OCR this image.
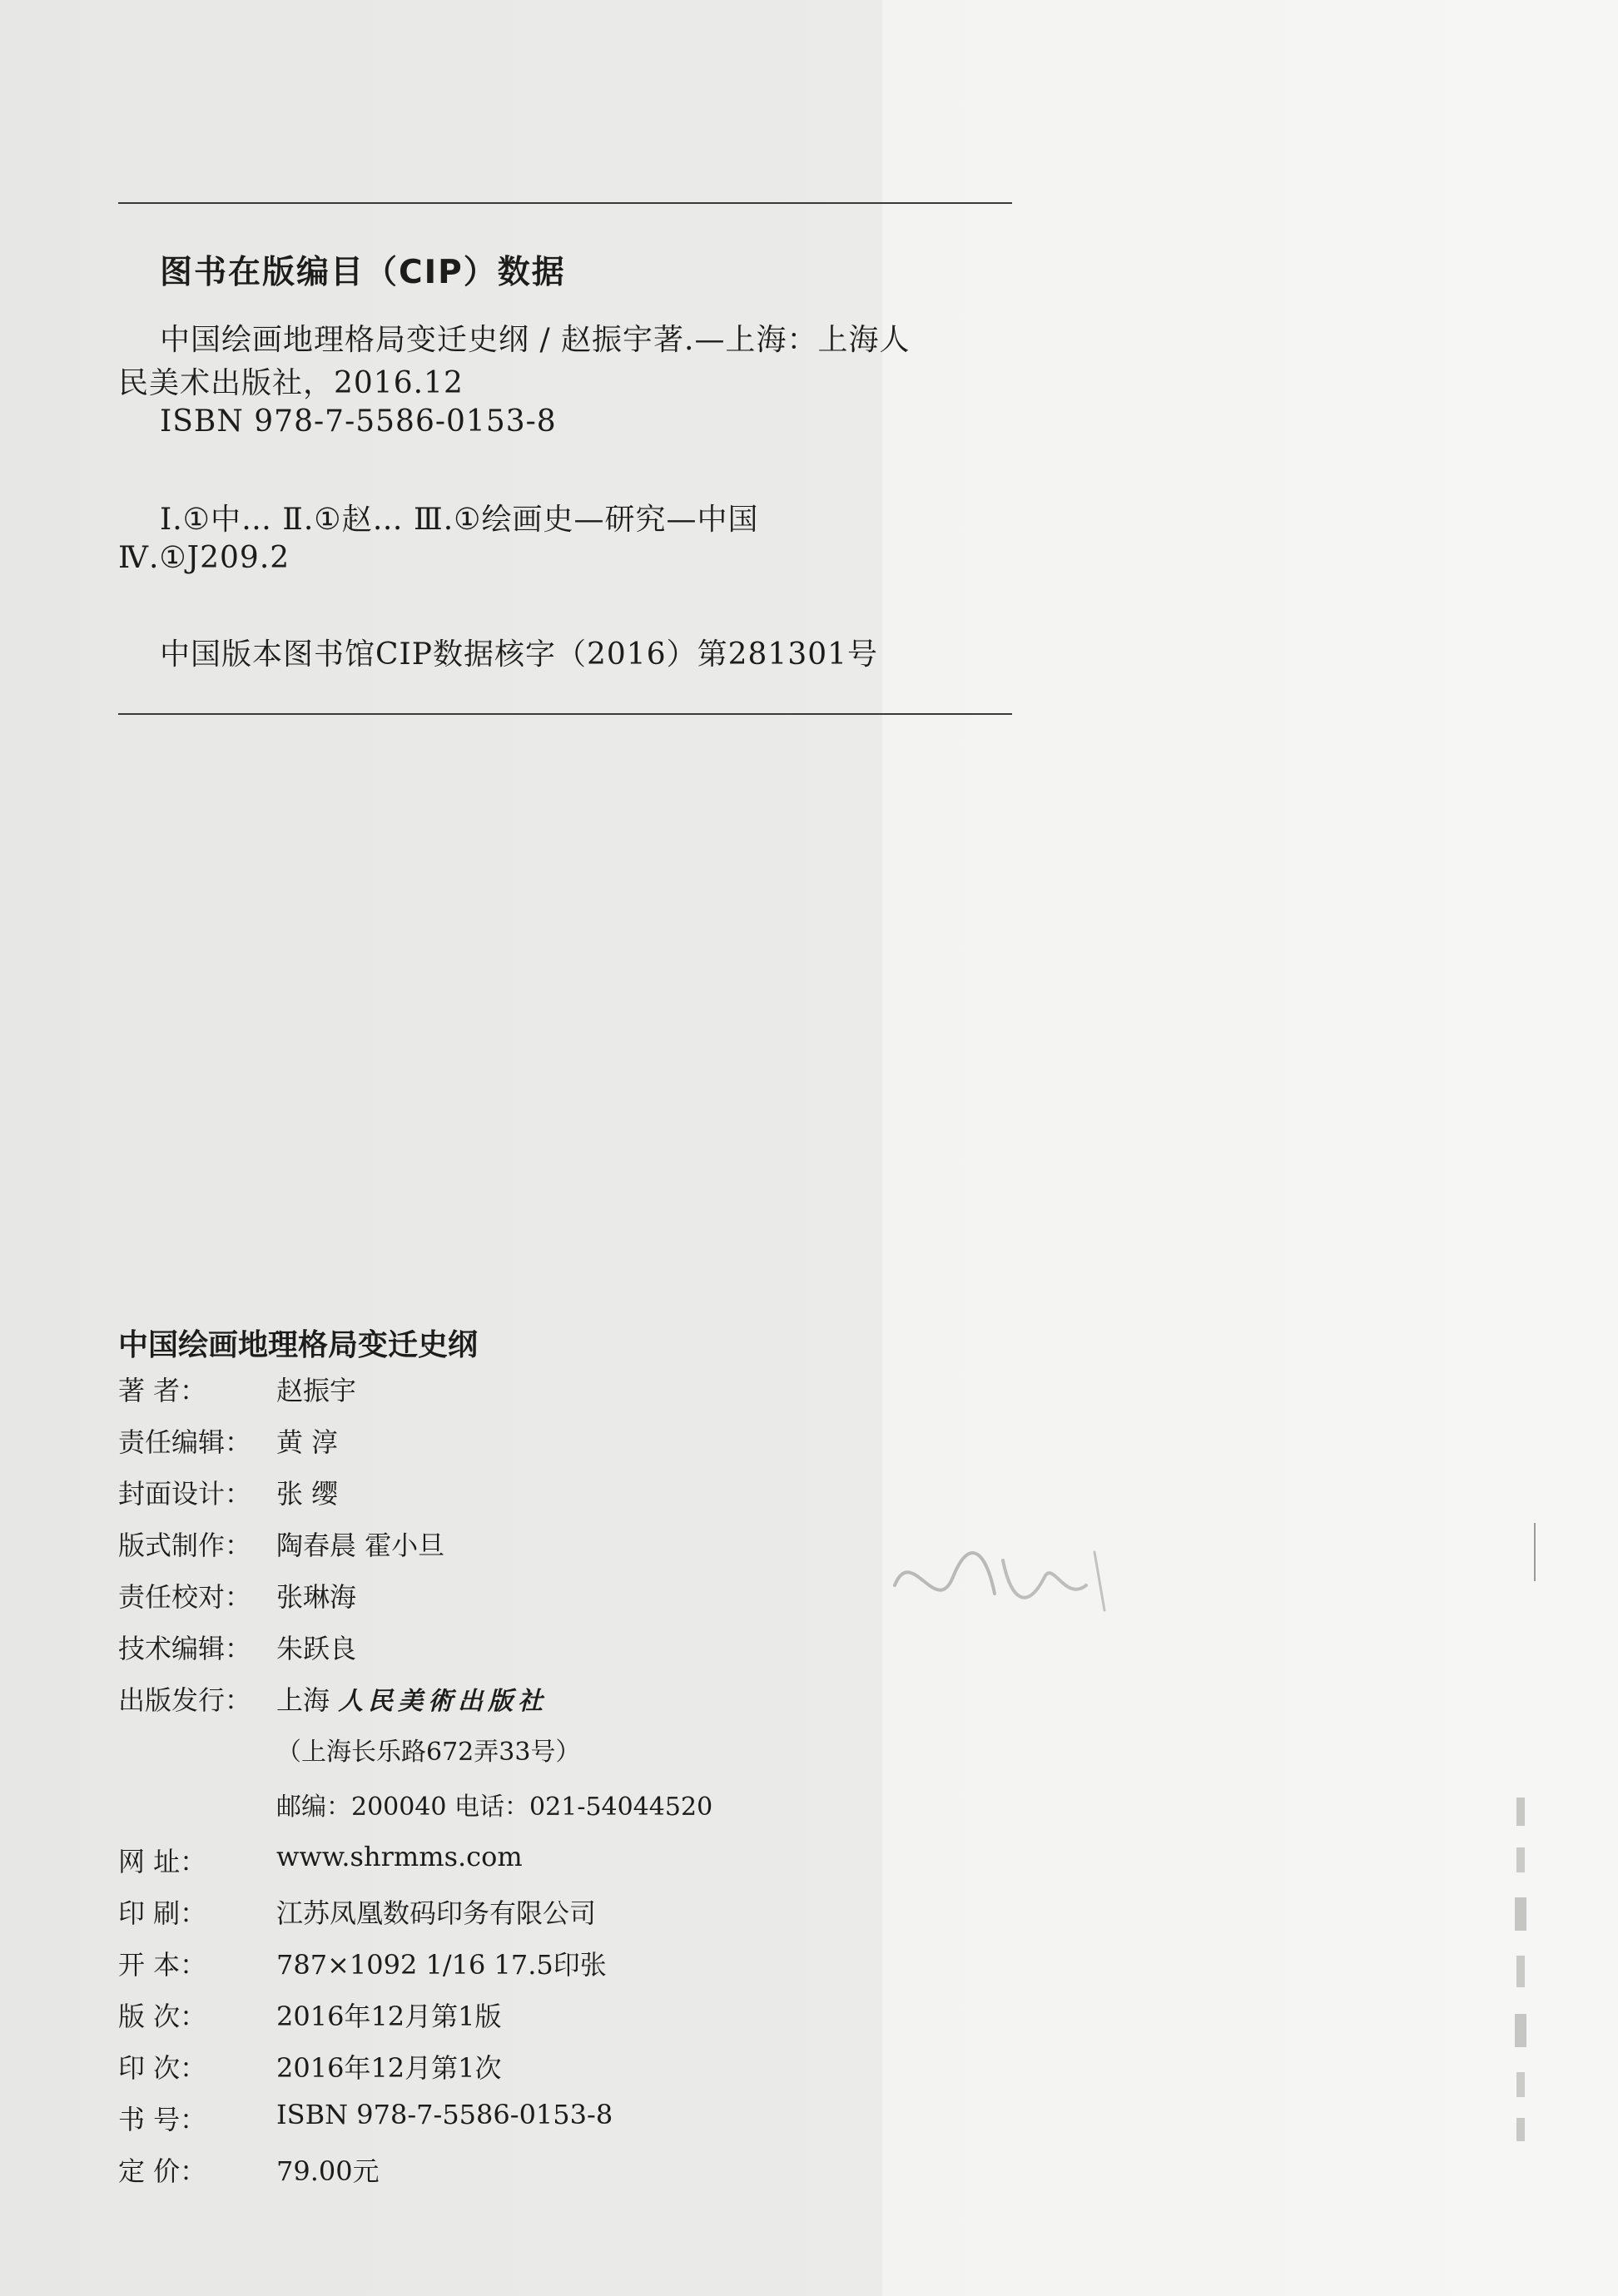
图书在版编目（CIP）数据
中国绘画地理格局变迁史纲 / 赵振宇著.—上海：上海人
民美术出版社，2016.12
ISBN 978-7-5586-0153-8
Ⅰ.①中… Ⅱ.①赵… Ⅲ.①绘画史—研究—中国
Ⅳ.①J209.2
中国版本图书馆CIP数据核字（2016）第281301号
中国绘画地理格局变迁史纲
著 者：	赵振宇
责任编辑： 黄 淳
封面设计： 张 缨
版式制作： 陶春晨 霍小旦
责任校对： 张琳海
技术编辑： 朱跃良
出版发行： 上海 人民美術出版社
（上海长乐路672弄33号）
邮编：200040 电话：021-54044520
网 址：	www.shrmms.com
印 刷：	江苏凤凰数码印务有限公司
开 本：	787×1092 1/16 17.5印张
版 次：	2016年12月第1版
印 次：	2016年12月第1次
书 号：	ISBN 978-7-5586-0153-8
定 价：	79.00元
